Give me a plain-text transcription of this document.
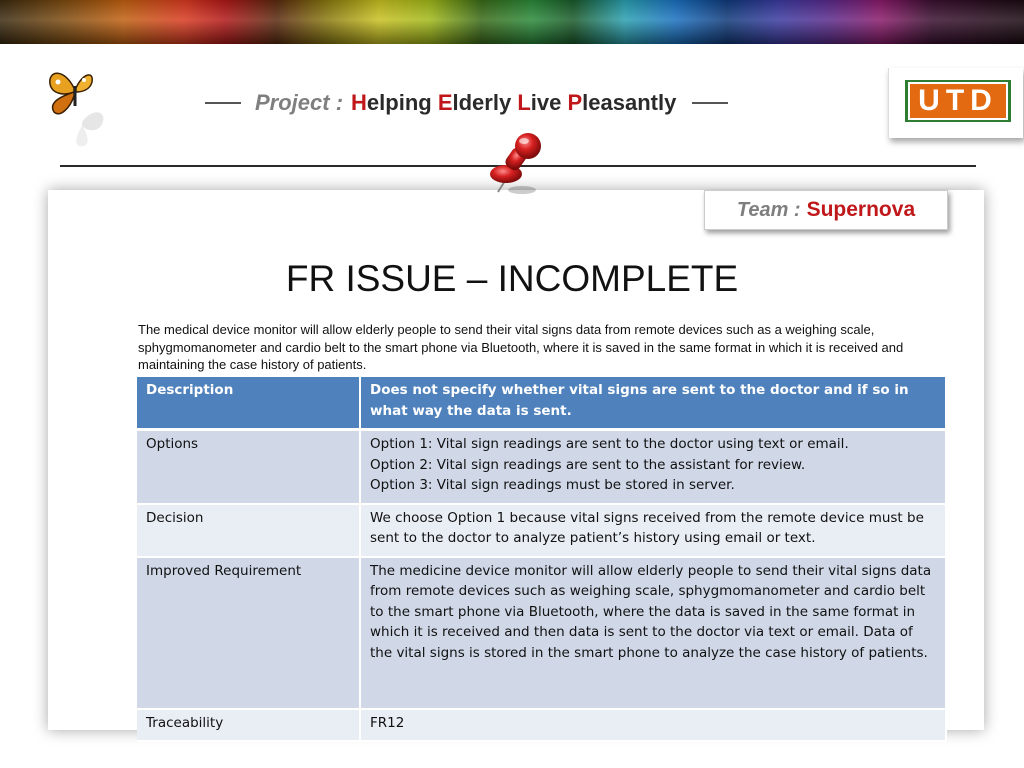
Project : Helping Elderly Live Pleasantly	UTD
Team : Supernova
FR ISSUE – INCOMPLETE
The medical device monitor will allow elderly people to send their vital signs data from remote devices such as a weighing scale, sphygmomanometer and cardio belt to the smart phone via Bluetooth, where it is saved in the same format in which it is received and maintaining the case history of patients.
Description	Does not specify whether vital signs are sent to the doctor and if so in what way the data is sent.

Options	Option 1: Vital sign readings are sent to the doctor using text or email.
Option 2: Vital sign readings are sent to the assistant for review.
Option 3: Vital sign readings must be stored in server.

Decision	We choose Option 1 because vital signs received from the remote device must be sent to the doctor to analyze patient’s history using email or text.

Improved Requirement	The medicine device monitor will allow elderly people to send their vital signs data from remote devices such as weighing scale, sphygmomanometer and cardio belt to the smart phone via Bluetooth, where the data is saved in the same format in which it is received and then data is sent to the doctor via text or email. Data of the vital signs is stored in the smart phone to analyze the case history of patients.

Traceability	FR12
